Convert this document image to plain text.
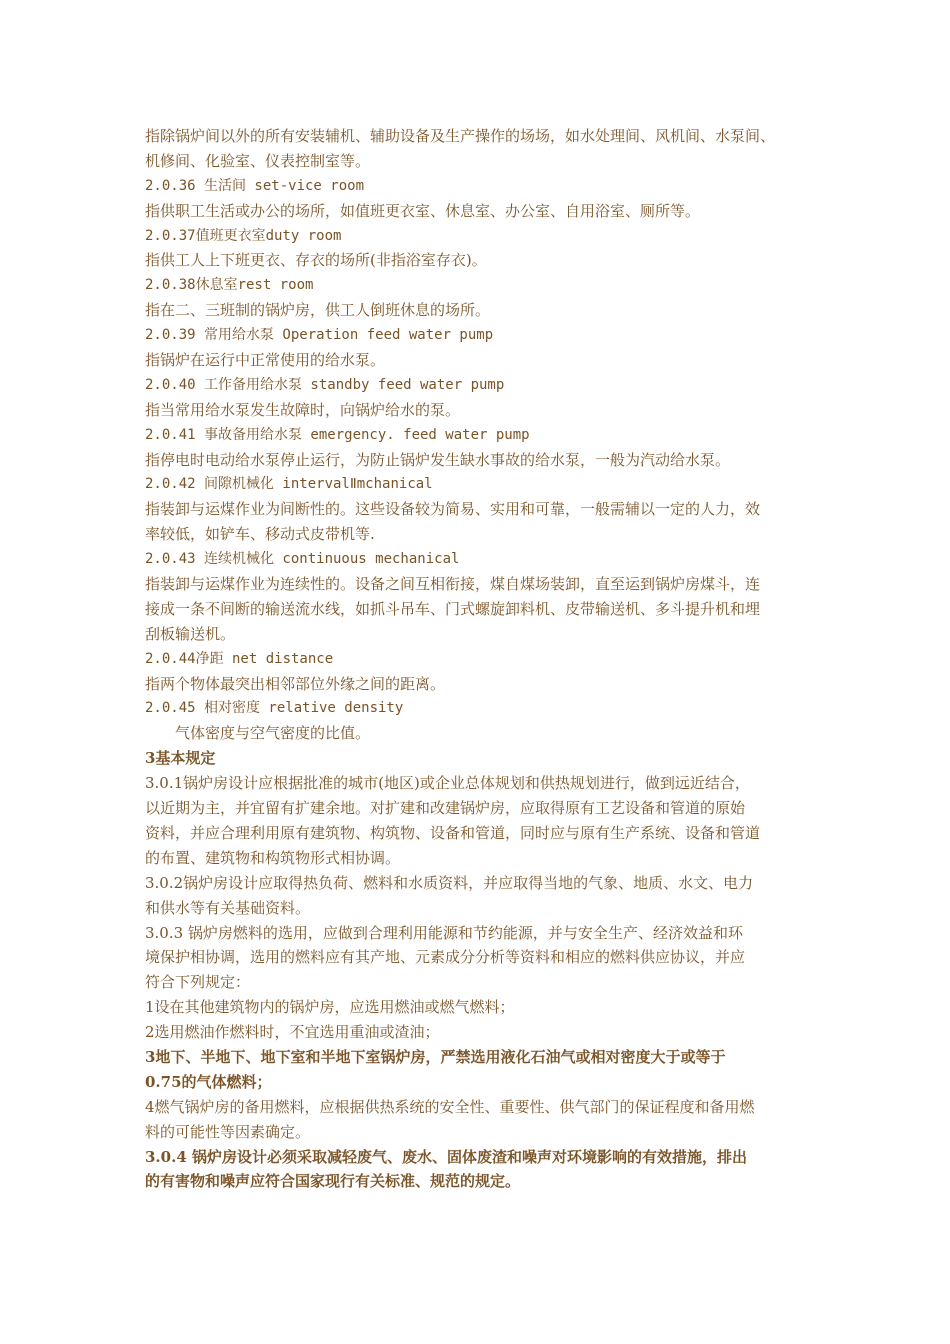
指除锅炉间以外的所有安装辅机、辅助设备及生产操作的场场，如水处理间、风机间、水泵间、
机修间、化验室、仪表控制室等。
2.0.36 生活间 set-vice room
指供职工生活或办公的场所，如值班更衣室、休息室、办公室、自用浴室、厕所等。
2.0.37值班更衣室duty room
指供工人上下班更衣、存衣的场所(非指浴室存衣)。
2.0.38休息室rest room
指在二、三班制的锅炉房，供工人倒班休息的场所。
2.0.39 常用给水泵 Operation feed water pump
指锅炉在运行中正常使用的给水泵。
2.0.40 工作备用给水泵 standby feed water pump
指当常用给水泵发生故障时，向锅炉给水的泵。
2.0.41 事故备用给水泵 emergency. feed water pump
指停电时电动给水泵停止运行，为防止锅炉发生缺水事故的给水泵，一般为汽动给水泵。
2.0.42 间隙机械化 intervalⅡmchanical
指装卸与运煤作业为间断性的。这些设备较为简易、实用和可靠，一般需辅以一定的人力，效
率较低，如铲车、移动式皮带机等.
2.0.43 连续机械化 continuous mechanical
指装卸与运煤作业为连续性的。设备之间互相衔接，煤自煤场装卸，直至运到锅炉房煤斗，连
接成一条不间断的输送流水线，如抓斗吊车、门式螺旋卸料机、皮带输送机、多斗提升机和埋
刮板输送机。
2.0.44净距 net distance
指两个物体最突出相邻部位外缘之间的距离。
2.0.45 相对密度 relative density
气体密度与空气密度的比值。
3基本规定
3.0.1锅炉房设计应根据批准的城市(地区)或企业总体规划和供热规划进行，做到远近结合，
以近期为主，并宜留有扩建余地。对扩建和改建锅炉房，应取得原有工艺设备和管道的原始
资料，并应合理利用原有建筑物、构筑物、设备和管道，同时应与原有生产系统、设备和管道
的布置、建筑物和构筑物形式相协调。
3.0.2锅炉房设计应取得热负荷、燃料和水质资料，并应取得当地的气象、地质、水文、电力
和供水等有关基础资料。
3.0.3 锅炉房燃料的选用，应做到合理利用能源和节约能源，并与安全生产、经济效益和环
境保护相协调，选用的燃料应有其产地、元素成分分析等资料和相应的燃料供应协议，并应
符合下列规定：
1设在其他建筑物内的锅炉房，应选用燃油或燃气燃料；
2选用燃油作燃料时，不宜选用重油或渣油；
3地下、半地下、地下室和半地下室锅炉房，严禁选用液化石油气或相对密度大于或等于
0.75的气体燃料；
4燃气锅炉房的备用燃料，应根据供热系统的安全性、重要性、供气部门的保证程度和备用燃
料的可能性等因素确定。
3.0.4 锅炉房设计必须采取减轻废气、废水、固体废渣和噪声对环境影响的有效措施，排出
的有害物和噪声应符合国家现行有关标准、规范的规定。
